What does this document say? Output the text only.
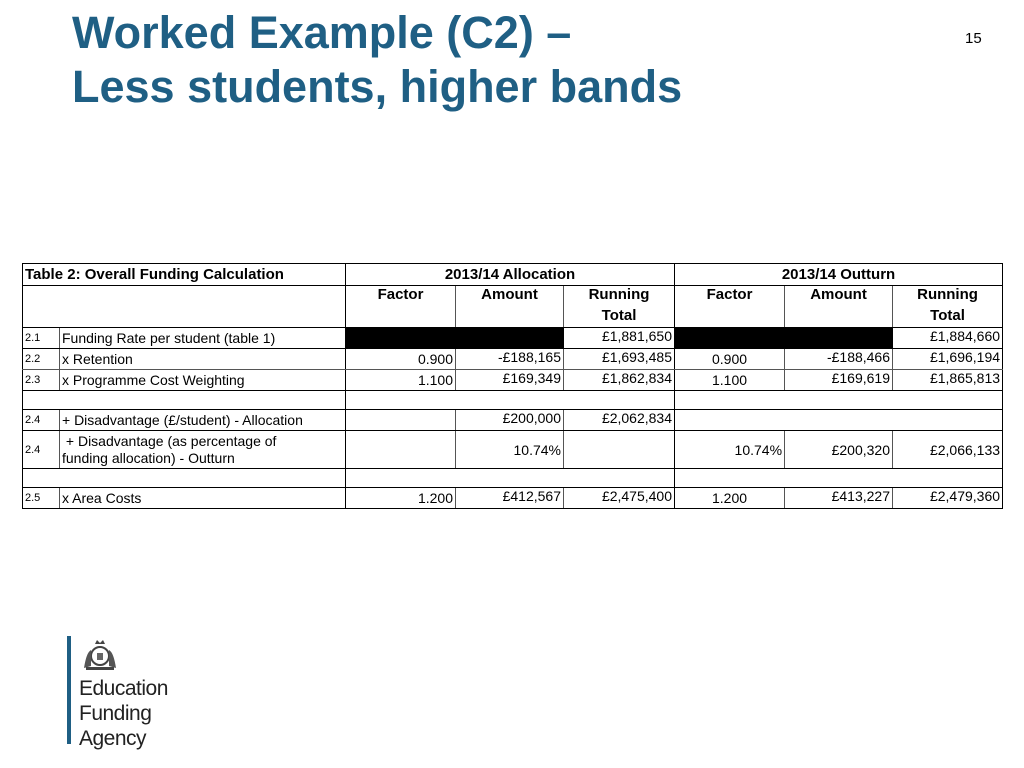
Worked Example (C2) –
Less students, higher bands
15
Table 2: Overall Funding Calculation		2013/14 Allocation			2013/14 Outturn		
		Factor	Amount	Running	Factor	Amount	Running
				Total			Total
2.1	Funding Rate per student (table 1)			£1,881,650			£1,884,660
2.2	x Retention	0.900	-£188,165	£1,693,485	0.900	-£188,466	£1,696,194
2.3	x Programme Cost Weighting	1.100	£169,349	£1,862,834	1.100	£169,619	£1,865,813

2.4	+ Disadvantage (£/student) - Allocation		£200,000	£2,062,834			
2.4	+ Disadvantage (as percentage of
funding allocation) - Outturn		10.74%		10.74%	£200,320	£2,066,133

2.5	x Area Costs	1.200	£412,567	£2,475,400	1.200	£413,227	£2,479,360
Education
Funding
Agency
